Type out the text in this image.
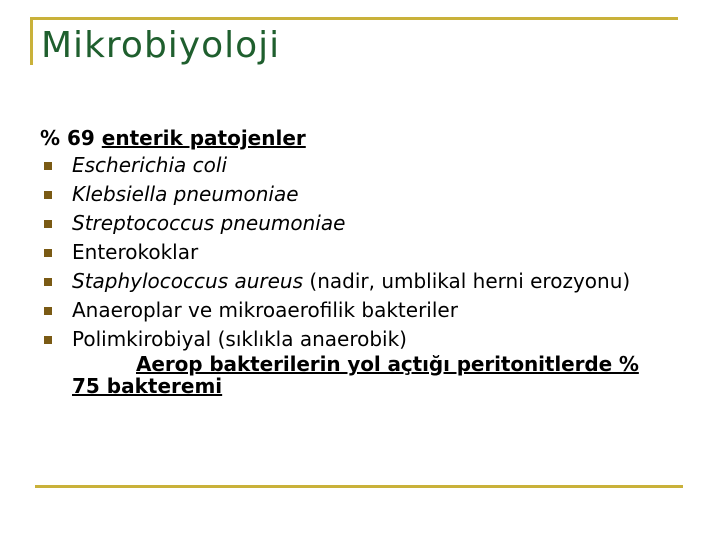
Mikrobiyoloji
% 69 enterik patojenler
Escherichia coli
Klebsiella pneumoniae
Streptococcus pneumoniae
Enterokoklar
Staphylococcus aureus (nadir, umblikal herni erozyonu)
Anaeroplar ve mikroaerofilik bakteriler
Polimkirobiyal (sıklıkla anaerobik)
Aerop bakterilerin yol açtığı peritonitlerde %
75 bakteremi
